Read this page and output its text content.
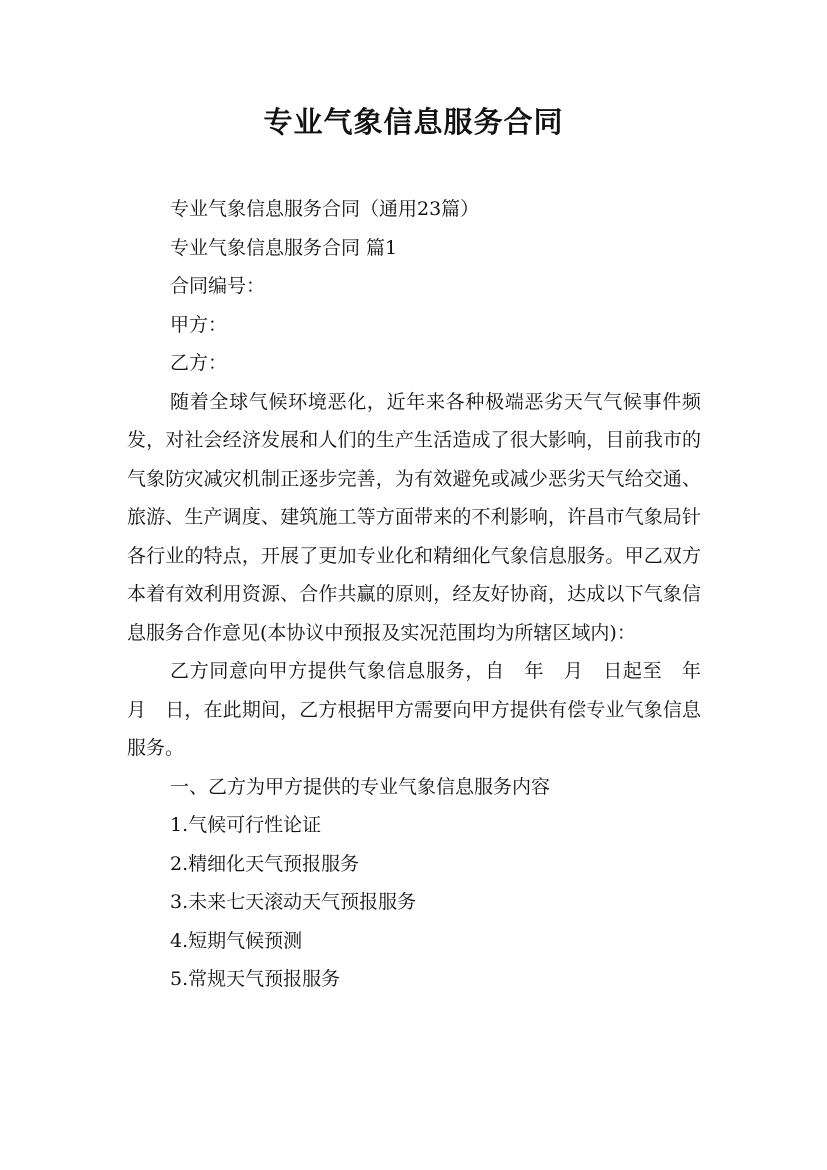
专业气象信息服务合同

专业气象信息服务合同（通用23篇）

专业气象信息服务合同 篇1

合同编号：

甲方：

乙方：

随着全球气候环境恶化，近年来各种极端恶劣天气气候事件频发，对社会经济发展和人们的生产生活造成了很大影响，目前我市的气象防灾减灾机制正逐步完善，为有效避免或减少恶劣天气给交通、旅游、生产调度、建筑施工等方面带来的不利影响，许昌市气象局针各行业的特点，开展了更加专业化和精细化气象信息服务。甲乙双方本着有效利用资源、合作共赢的原则，经友好协商，达成以下气象信息服务合作意见(本协议中预报及实况范围均为所辖区域内)：

乙方同意向甲方提供气象信息服务，自　年　月　日起至　年　月　日，在此期间，乙方根据甲方需要向甲方提供有偿专业气象信息服务。

一、乙方为甲方提供的专业气象信息服务内容

1.气候可行性论证

2.精细化天气预报服务

3.未来七天滚动天气预报服务

4.短期气候预测

5.常规天气预报服务
